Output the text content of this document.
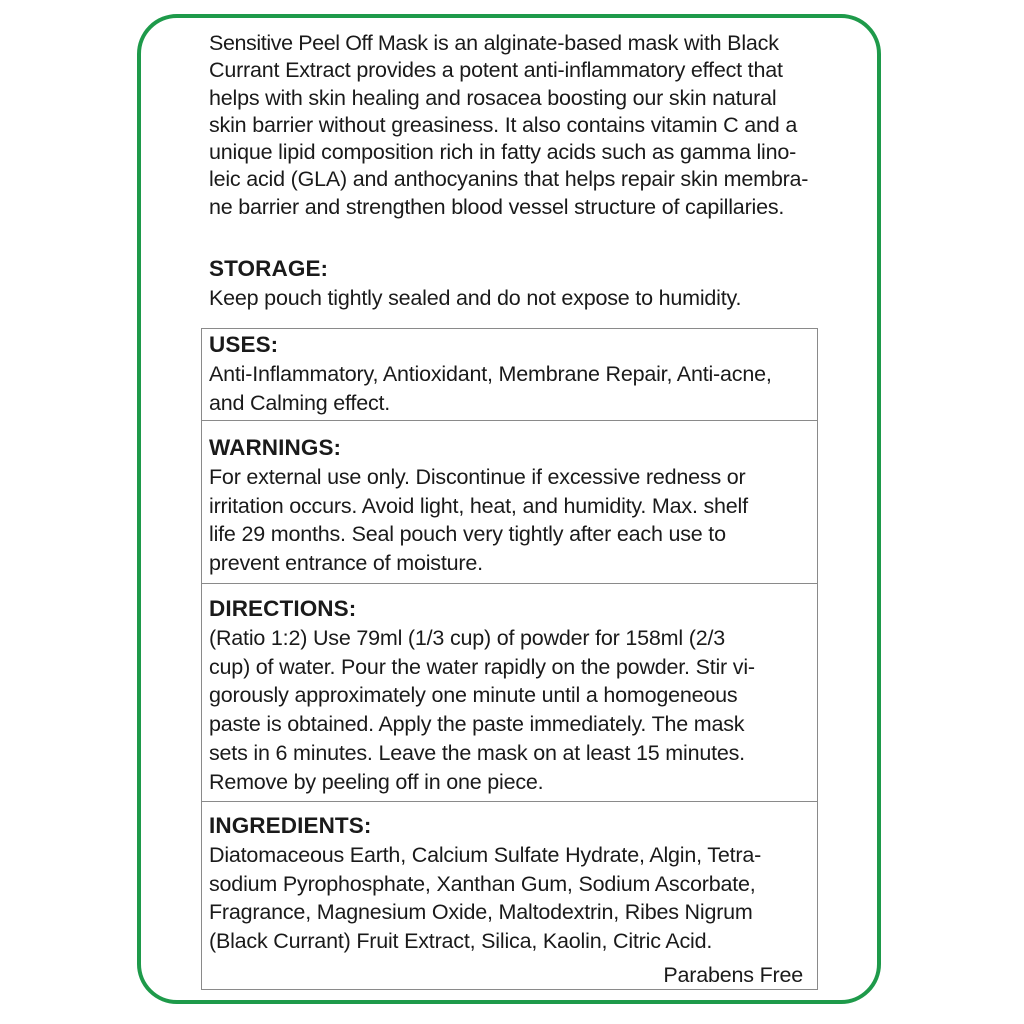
Sensitive Peel Off Mask is an alginate-based mask with Black
Currant Extract provides a potent anti-inflammatory effect that
helps with skin healing and rosacea boosting our skin natural
skin barrier without greasiness. It also contains vitamin C and a
unique lipid composition rich in fatty acids such as gamma lino-
leic acid (GLA) and anthocyanins that helps repair skin membra-
ne barrier and strengthen blood vessel structure of capillaries.

STORAGE:

Keep pouch tightly sealed and do not expose to humidity.

USES:

Anti-Inflammatory, Antioxidant, Membrane Repair, Anti-acne,

and Calming effect.

WARNINGS:

For external use only. Discontinue if excessive redness or

irritation occurs. Avoid light, heat, and humidity. Max. shelf

life 29 months. Seal pouch very tightly after each use to

prevent entrance of moisture.

DIRECTIONS:

(Ratio 1:2) Use 79ml (1/3 cup) of powder for 158ml (2/3

cup) of water. Pour the water rapidly on the powder. Stir vi-

gorously approximately one minute until a homogeneous

paste is obtained. Apply the paste immediately. The mask

sets in 6 minutes. Leave the mask on at least 15 minutes.

Remove by peeling off in one piece.

INGREDIENTS:

Diatomaceous Earth, Calcium Sulfate Hydrate, Algin, Tetra-

sodium Pyrophosphate, Xanthan Gum, Sodium Ascorbate,

Fragrance, Magnesium Oxide, Maltodextrin, Ribes Nigrum

(Black Currant) Fruit Extract, Silica, Kaolin, Citric Acid.

Parabens Free
